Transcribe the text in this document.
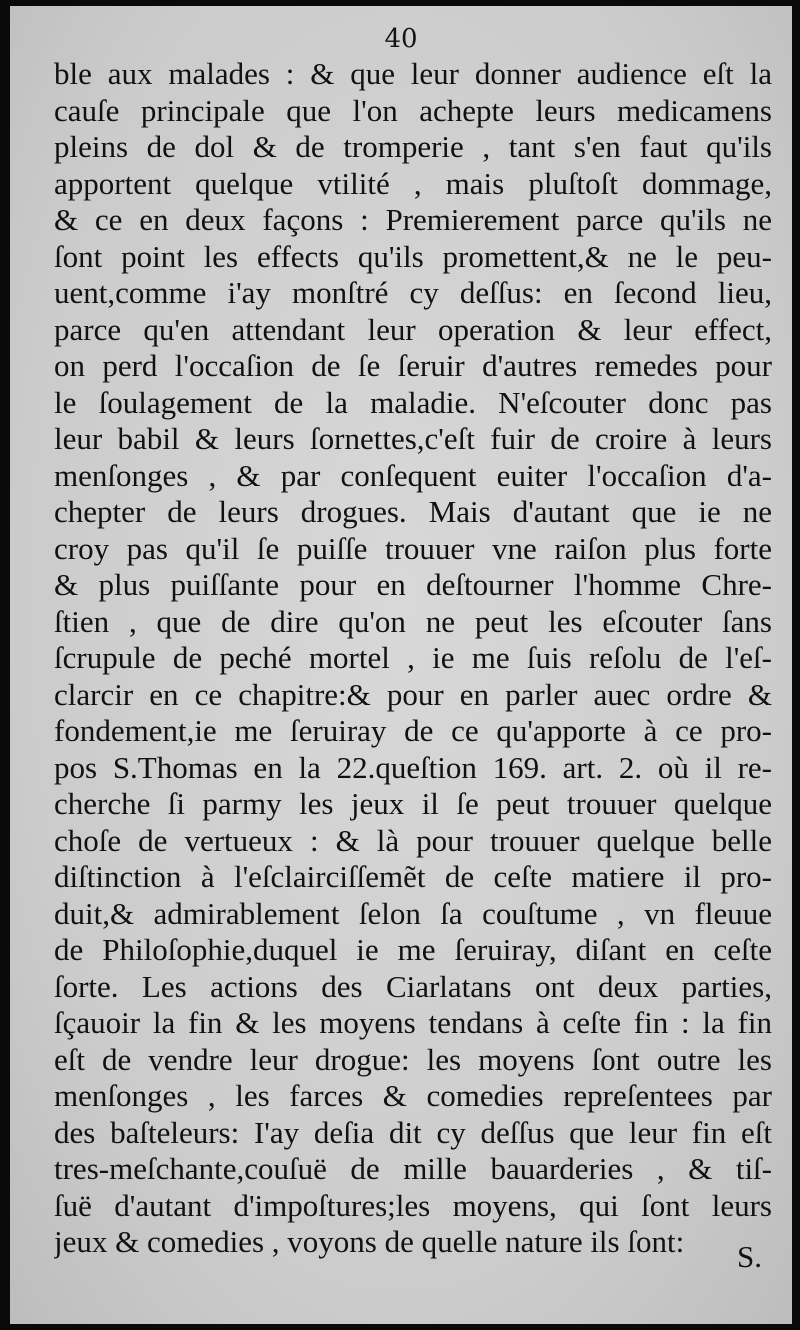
40
ble aux malades : & que leur donner audience eſt la
cauſe principale que l'on achepte leurs medicamens
pleins de dol & de tromperie , tant s'en faut qu'ils
apportent quelque vtilité , mais pluſtoſt dommage,
& ce en deux façons : Premierement parce qu'ils ne
ſont point les effects qu'ils promettent,& ne le peu-
uent,comme i'ay monſtré cy deſſus: en ſecond lieu,
parce qu'en attendant leur operation & leur effect,
on perd l'occaſion de ſe ſeruir d'autres remedes pour
le ſoulagement de la maladie. N'eſcouter donc pas
leur babil & leurs ſornettes,c'eſt fuir de croire à leurs
menſonges , & par conſequent euiter l'occaſion d'a-
chepter de leurs drogues. Mais d'autant que ie ne
croy pas qu'il ſe puiſſe trouuer vne raiſon plus forte
& plus puiſſante pour en deſtourner l'homme Chre-
ſtien , que de dire qu'on ne peut les eſcouter ſans
ſcrupule de peché mortel , ie me ſuis reſolu de l'eſ-
clarcir en ce chapitre:& pour en parler auec ordre &
fondement,ie me ſeruiray de ce qu'apporte à ce pro-
pos S.Thomas en la 22.queſtion 169. art. 2. où il re-
cherche ſi parmy les jeux il ſe peut trouuer quelque
choſe de vertueux : & là pour trouuer quelque belle
diſtinction à l'eſclairciſſemẽt de ceſte matiere il pro-
duit,& admirablement ſelon ſa couſtume , vn fleuue
de Philoſophie,duquel ie me ſeruiray, diſant en ceſte
ſorte. Les actions des Ciarlatans ont deux parties,
ſçauoir la fin & les moyens tendans à ceſte fin : la fin
eſt de vendre leur drogue: les moyens ſont outre les
menſonges , les farces & comedies repreſentees par
des baſteleurs: I'ay deſia dit cy deſſus que leur fin eſt
tres-meſchante,couſuë de mille bauarderies , & tiſ-
ſuë d'autant d'impoſtures;les moyens, qui ſont leurs
jeux & comedies , voyons de quelle nature ils ſont:	S.
